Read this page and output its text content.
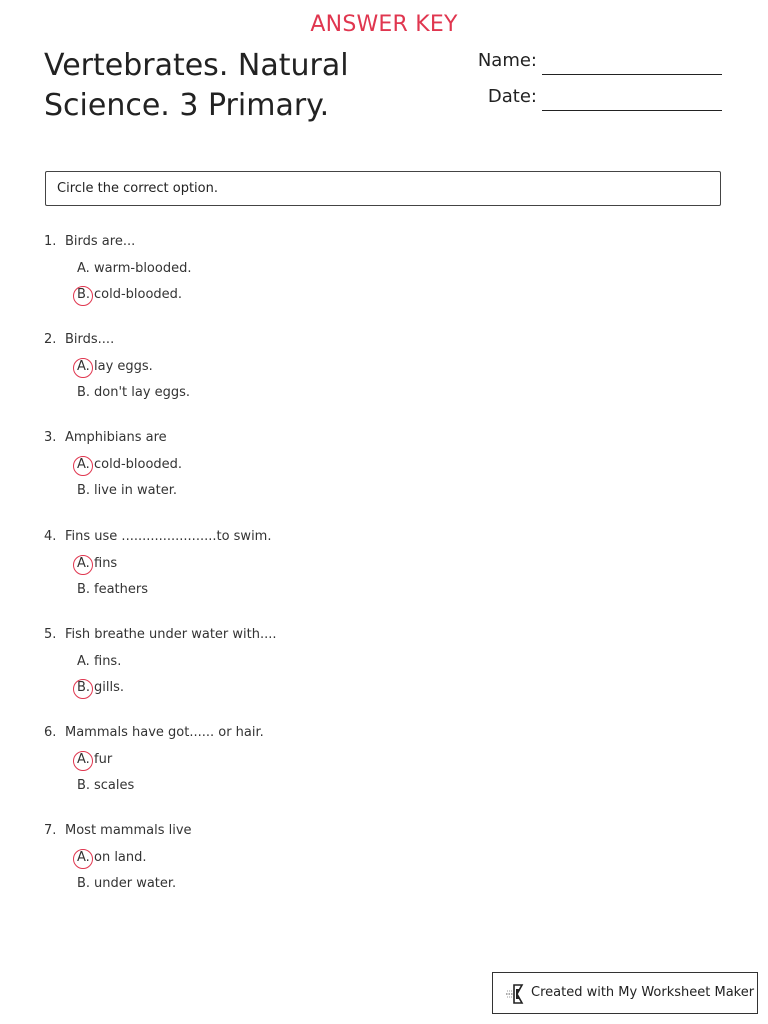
ANSWER KEY
Vertebrates. Natural Science. 3 Primary.
Name:
Date:
Circle the correct option.
1. Birds are...
A. warm-blooded.
B. cold-blooded.
2. Birds....
A. lay eggs.
B. don't lay eggs.
3. Amphibians are
A. cold-blooded.
B. live in water.
4. Fins use .......................to swim.
A. fins
B. feathers
5. Fish breathe under water with....
A. fins.
B. gills.
6. Mammals have got...... or hair.
A. fur
B. scales
7. Most mammals live
A. on land.
B. under water.
Created with My Worksheet Maker
